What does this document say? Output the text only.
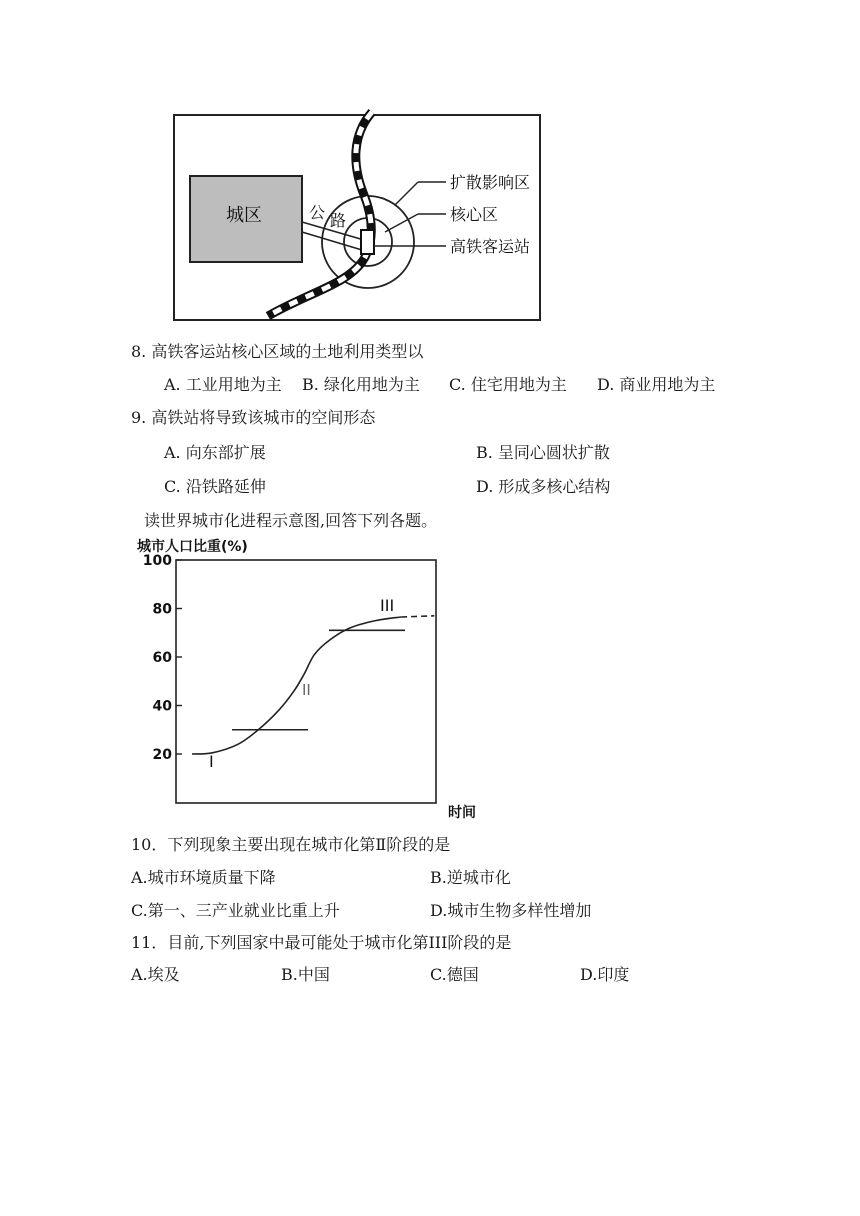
城区	公 路
扩散影响区
核心区
高铁客运站
8. 高铁客运站核心区域的土地利用类型以
A. 工业用地为主 B. 绿化用地为主 C. 住宅用地为主 D. 商业用地为主
9. 高铁站将导致该城市的空间形态
A. 向东部扩展	B. 呈同心圆状扩散
C. 沿铁路延伸	D. 形成多核心结构
读世界城市化进程示意图,回答下列各题。
城市人口比重(%)
20
40
60
80
100
I
II
III
时间
10．下列现象主要出现在城市化第Ⅱ阶段的是
A.城市环境质量下降	B.逆城市化
C.第一、三产业就业比重上升	D.城市生物多样性增加
11．目前,下列国家中最可能处于城市化第III阶段的是
A.埃及	B.中国	C.德国	D.印度
